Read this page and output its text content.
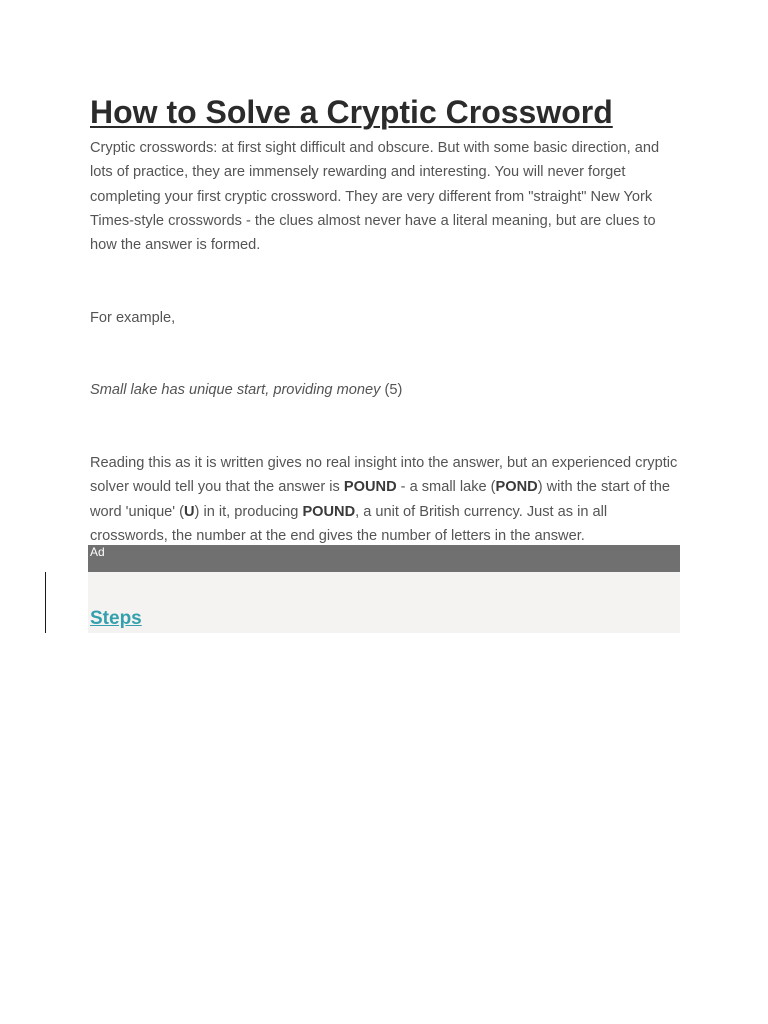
How to Solve a Cryptic Crossword

Cryptic crosswords: at first sight difficult and obscure. But with some basic direction, and lots of practice, they are immensely rewarding and interesting. You will never forget completing your first cryptic crossword. They are very different from "straight" New York Times-style crosswords - the clues almost never have a literal meaning, but are clues to how the answer is formed.

For example,

Small lake has unique start, providing money (5)

Reading this as it is written gives no real insight into the answer, but an experienced cryptic solver would tell you that the answer is POUND - a small lake (POND) with the start of the word 'unique' (U) in it, producing POUND, a unit of British currency. Just as in all crosswords, the number at the end gives the number of letters in the answer.

Ad
Steps
